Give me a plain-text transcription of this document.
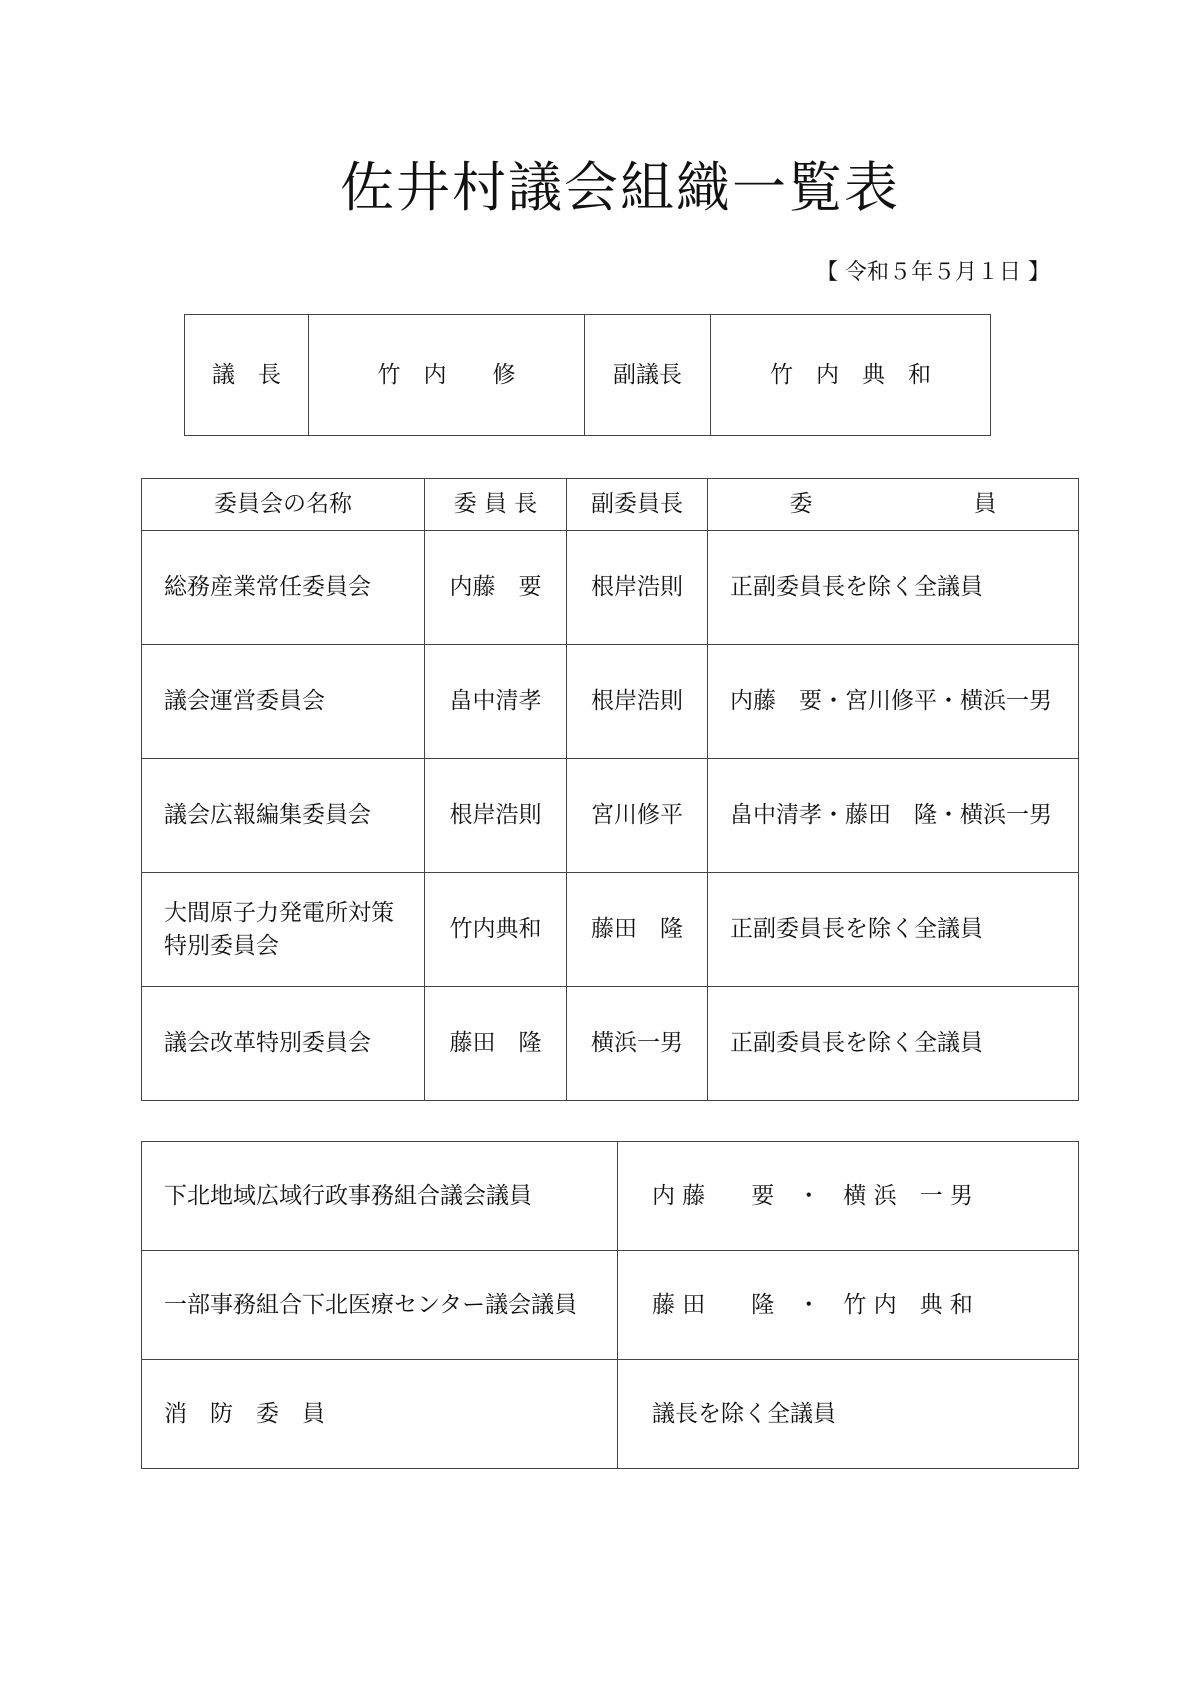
佐井村議会組織一覧表
【 令和５年５月１日 】
議　長	竹　内　　修	副議長	竹　内　典　和
委員会の名称	委 員 長	副委員長	委　　　　　　　員
総務産業常任委員会	内藤　要	根岸浩則	正副委員長を除く全議員
議会運営委員会	畠中清孝	根岸浩則	内藤　要・宮川修平・横浜一男
議会広報編集委員会	根岸浩則	宮川修平	畠中清孝・藤田　隆・横浜一男
大間原子力発電所対策
特別委員会	竹内典和	藤田　隆	正副委員長を除く全議員
議会改革特別委員会	藤田　隆	横浜一男	正副委員長を除く全議員
下北地域広域行政事務組合議会議員	内 藤　　要　・　横 浜　一 男
一部事務組合下北医療センター議会議員	藤 田　　隆　・　竹 内　典 和
消　防　委　員	議長を除く全議員
